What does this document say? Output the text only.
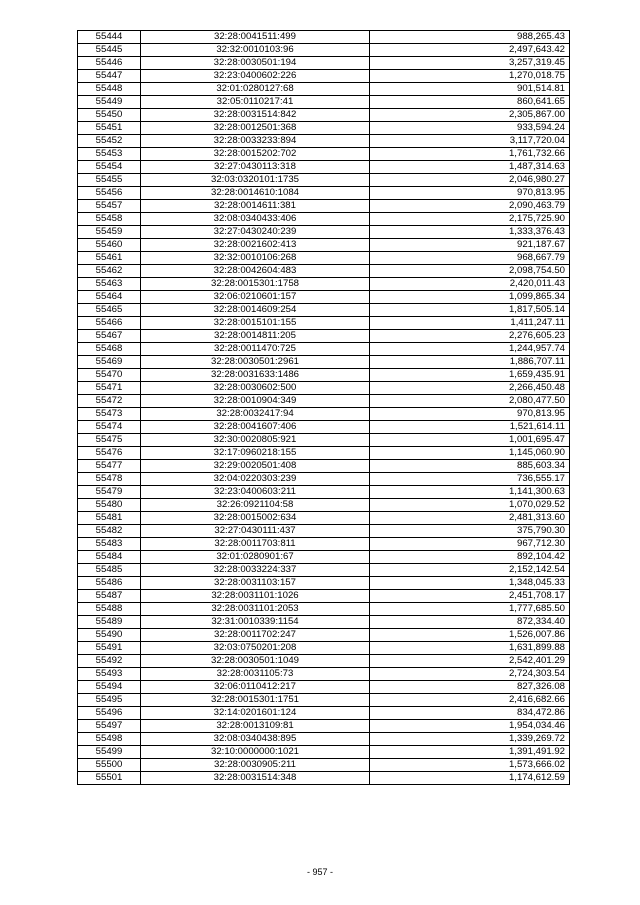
55444	32:28:0041511:499	988,265.43
55445	32:32:0010103:96	2,497,643.42
55446	32:28:0030501:194	3,257,319.45
55447	32:23:0400602:226	1,270,018.75
55448	32:01:0280127:68	901,514.81
55449	32:05:0110217:41	860,641.65
55450	32:28:0031514:842	2,305,867.00
55451	32:28:0012501:368	933,594.24
55452	32:28:0033233:894	3,117,720.04
55453	32:28:0015202:702	1,761,732.66
55454	32:27:0430113:318	1,487,314.63
55455	32:03:0320101:1735	2,046,980.27
55456	32:28:0014610:1084	970,813.95
55457	32:28:0014611:381	2,090,463.79
55458	32:08:0340433:406	2,175,725.90
55459	32:27:0430240:239	1,333,376.43
55460	32:28:0021602:413	921,187.67
55461	32:32:0010106:268	968,667.79
55462	32:28:0042604:483	2,098,754.50
55463	32:28:0015301:1758	2,420,011.43
55464	32:06:0210601:157	1,099,865.34
55465	32:28:0014609:254	1,817,505.14
55466	32:28:0015101:155	1,411,247.11
55467	32:28:0014811:205	2,276,605.23
55468	32:28:0011470:725	1,244,957.74
55469	32:28:0030501:2961	1,886,707.11
55470	32:28:0031633:1486	1,659,435.91
55471	32:28:0030602:500	2,266,450.48
55472	32:28:0010904:349	2,080,477.50
55473	32:28:0032417:94	970,813.95
55474	32:28:0041607:406	1,521,614.11
55475	32:30:0020805:921	1,001,695.47
55476	32:17:0960218:155	1,145,060.90
55477	32:29:0020501:408	885,603.34
55478	32:04:0220303:239	736,555.17
55479	32:23:0400603:211	1,141,300.63
55480	32:26:0921104:58	1,070,029.52
55481	32:28:0015002:634	2,481,313.60
55482	32:27:0430111:437	375,790.30
55483	32:28:0011703:811	967,712.30
55484	32:01:0280901:67	892,104.42
55485	32:28:0033224:337	2,152,142.54
55486	32:28:0031103:157	1,348,045.33
55487	32:28:0031101:1026	2,451,708.17
55488	32:28:0031101:2053	1,777,685.50
55489	32:31:0010339:1154	872,334.40
55490	32:28:0011702:247	1,526,007.86
55491	32:03:0750201:208	1,631,899.88
55492	32:28:0030501:1049	2,542,401.29
55493	32:28:0031105:73	2,724,303.54
55494	32:06:0110412:217	827,326.08
55495	32:28:0015301:1751	2,416,682.66
55496	32:14:0201601:124	834,472.86
55497	32:28:0013109:81	1,954,034.46
55498	32:08:0340438:895	1,339,269.72
55499	32:10:0000000:1021	1,391,491.92
55500	32:28:0030905:211	1,573,666.02
55501	32:28:0031514:348	1,174,612.59
- 957 -
